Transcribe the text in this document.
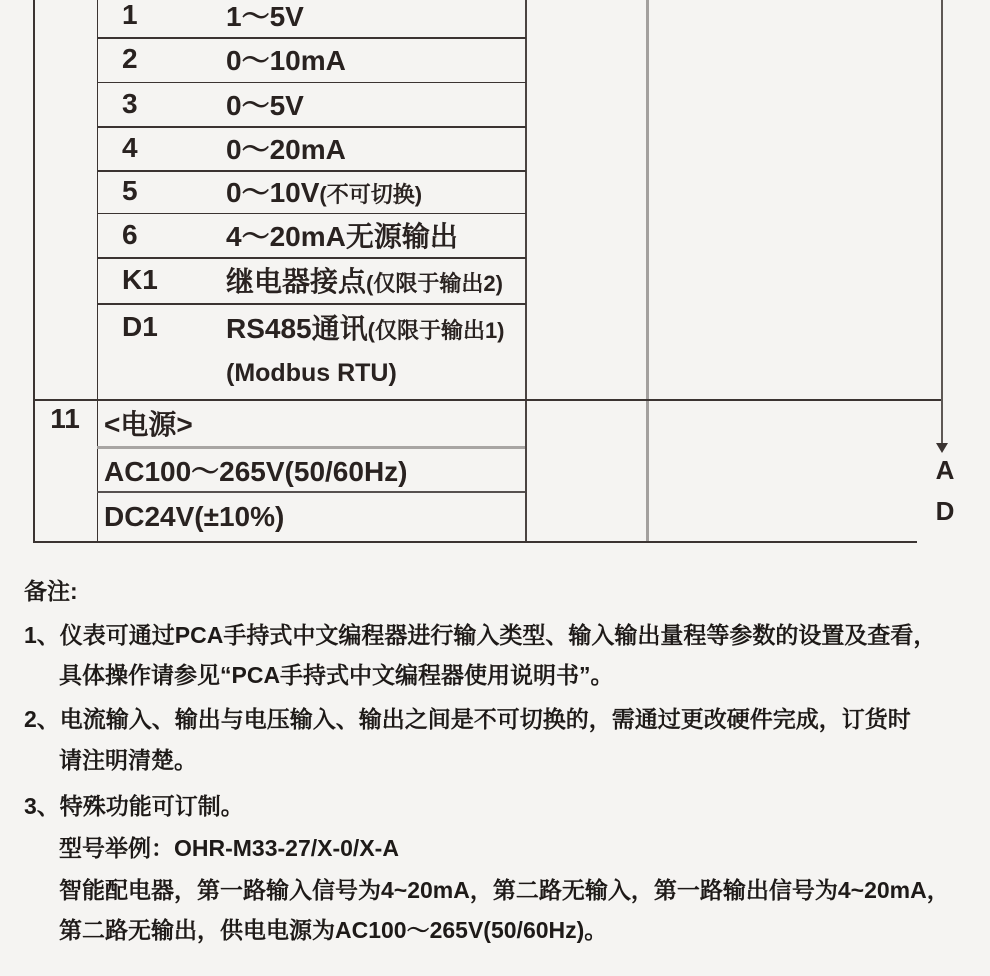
1	1～5V
2	0～10mA
3	0～5V
4	0～20mA
5	0～10V(不可切换)
6	4～20mA无源输出
K1	继电器接点(仅限于输出2)
D1	RS485通讯(仅限于输出1)
(Modbus RTU)
11 <电源>
AC100～265V(50/60Hz)
DC24V(±10%)
A
D
备注:
1、仪表可通过PCA手持式中文编程器进行输入类型、输入输出量程等参数的设置及查看，
具体操作请参见“PCA手持式中文编程器使用说明书”。
2、电流输入、输出与电压输入、输出之间是不可切换的，需通过更改硬件完成，订货时
请注明清楚。
3、特殊功能可订制。
型号举例：OHR-M33-27/X-0/X-A
智能配电器，第一路输入信号为4~20mA，第二路无输入，第一路输出信号为4~20mA，
第二路无输出，供电电源为AC100～265V(50/60Hz)。
